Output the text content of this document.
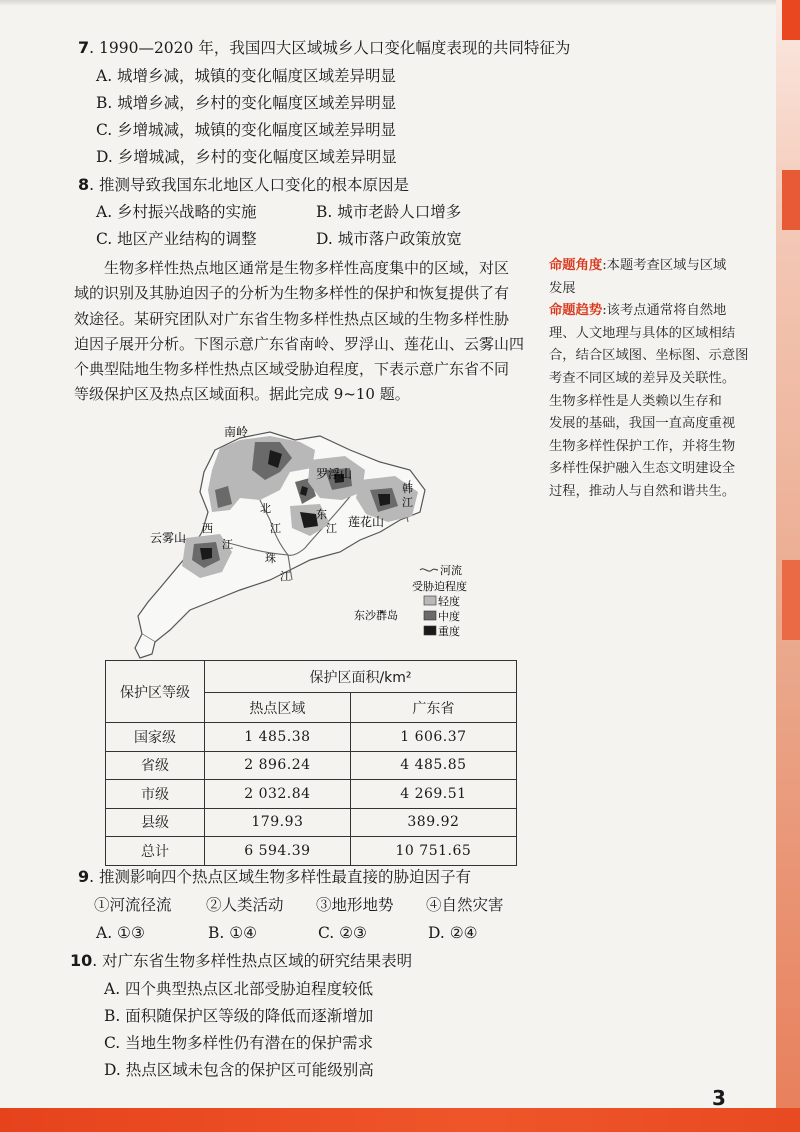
7. 1990—2020 年，我国四大区域城乡人口变化幅度表现的共同特征为
A. 城增乡减，城镇的变化幅度区域差异明显
B. 城增乡减，乡村的变化幅度区域差异明显
C. 乡增城减，城镇的变化幅度区域差异明显
D. 乡增城减，乡村的变化幅度区域差异明显
8. 推测导致我国东北地区人口变化的根本原因是
A. 乡村振兴战略的实施	B. 城市老龄人口增多
C. 地区产业结构的调整	D. 城市落户政策放宽
生物多样性热点地区通常是生物多样性高度集中的区域，对区
域的识别及其胁迫因子的分析为生物多样性的保护和恢复提供了有
效途径。某研究团队对广东省生物多样性热点区域的生物多样性胁
迫因子展开分析。下图示意广东省南岭、罗浮山、莲花山、云雾山四
个典型陆地生物多样性热点区域受胁迫程度，下表示意广东省不同
等级保护区及热点区域面积。据此完成 9~10 题。
命题角度:本题考查区域与区域
发展
命题趋势:该考点通常将自然地
理、人文地理与具体的区域相结
合，结合区域图、坐标图、示意图
考查不同区域的差异及关联性。
生物多样性是人类赖以生存和
发展的基础，我国一直高度重视
生物多样性保护工作，并将生物
多样性保护融入生态文明建设全
过程，推动人与自然和谐共生。
南岭
罗浮山
莲花山
云雾山
北
江
西
江
珠
江
东
江
韩
江
东沙群岛
河流
受胁迫程度
轻度
中度
重度
保护区等级	保护区面积/km²	
	热点区域	广东省
国家级	1 485.38	1 606.37
省级	2 896.24	4 485.85
市级	2 032.84	4 269.51
县级	179.93	389.92
总计	6 594.39	10 751.65
9. 推测影响四个热点区域生物多样性最直接的胁迫因子有
①河流径流 ②人类活动 ③地形地势 ④自然灾害
A. ①③	B. ①④	C. ②③	D. ②④
10. 对广东省生物多样性热点区域的研究结果表明
A. 四个典型热点区北部受胁迫程度较低
B. 面积随保护区等级的降低而逐渐增加
C. 当地生物多样性仍有潜在的保护需求
D. 热点区域未包含的保护区可能级别高
3
